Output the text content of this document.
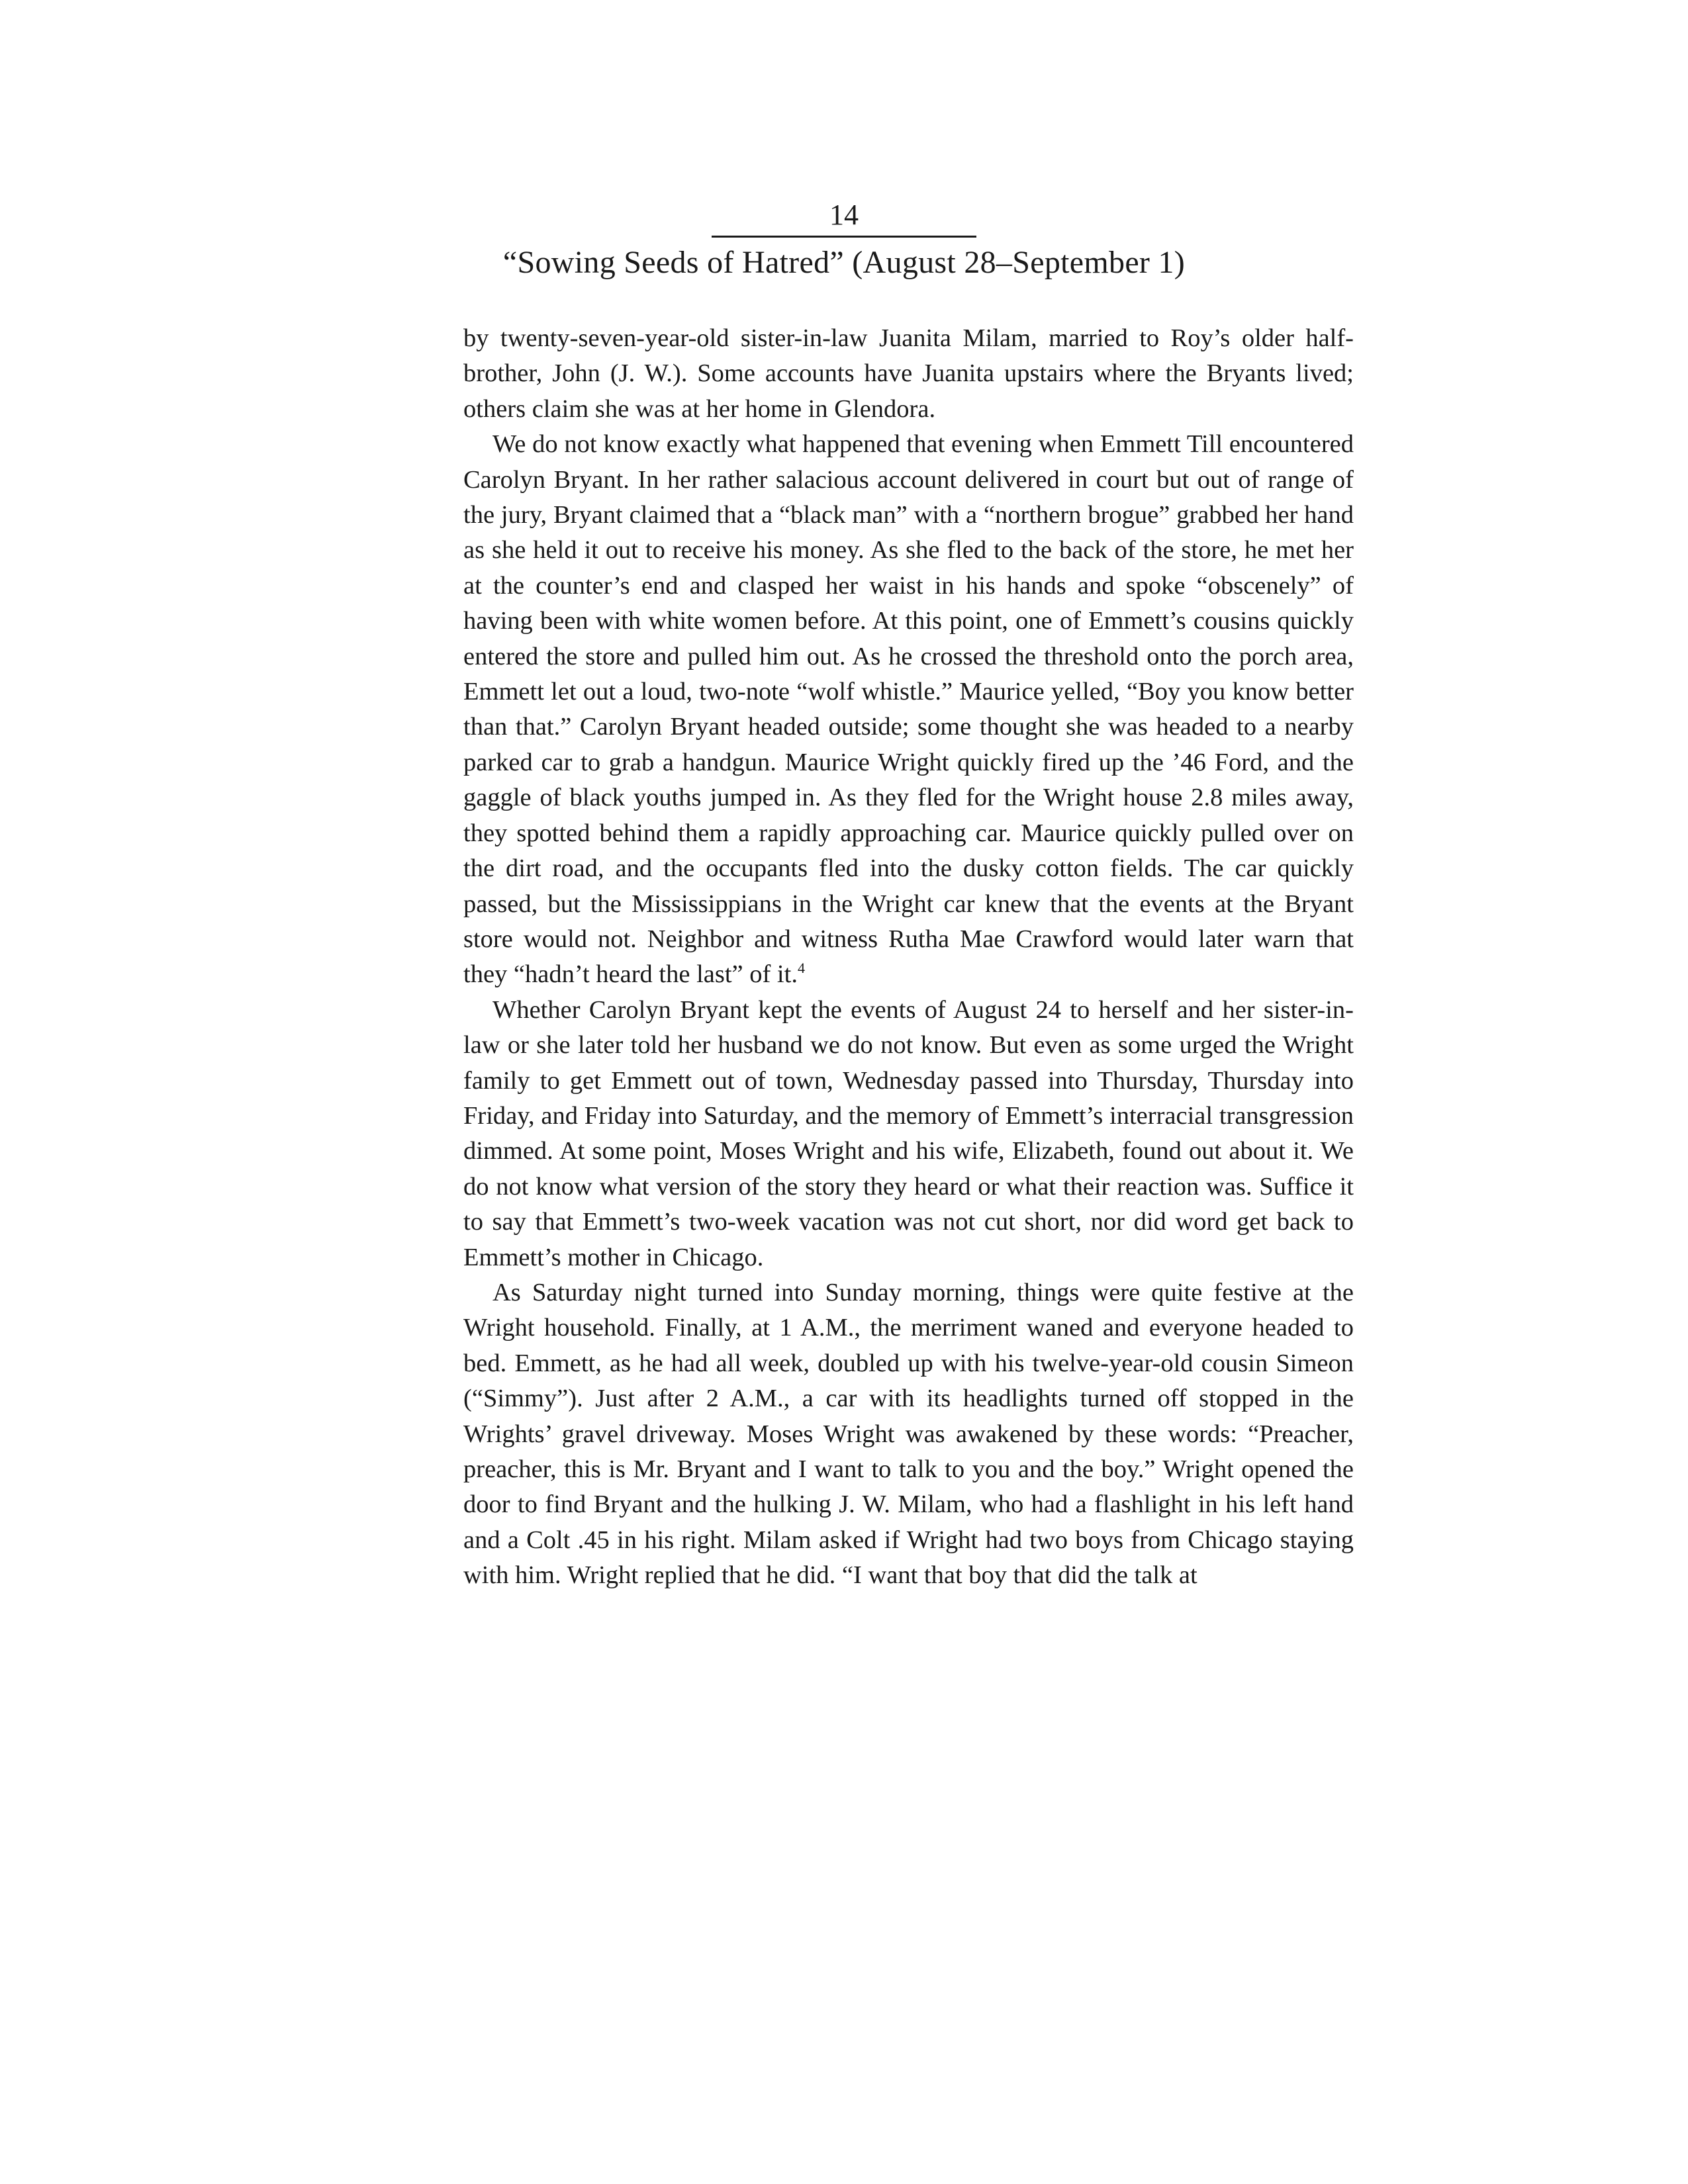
14
“Sowing Seeds of Hatred” (August 28–September 1)

by twenty-seven-year-old sister-in-law Juanita Milam, married to Roy’s older half-brother, John (J. W.). Some accounts have Juanita upstairs where the Bryants lived; others claim she was at her home in Glendora.

We do not know exactly what happened that evening when Emmett Till encountered Carolyn Bryant. In her rather salacious account delivered in court but out of range of the jury, Bryant claimed that a “black man” with a “northern brogue” grabbed her hand as she held it out to receive his money. As she fled to the back of the store, he met her at the counter’s end and clasped her waist in his hands and spoke “obscenely” of having been with white women before. At this point, one of Emmett’s cousins quickly entered the store and pulled him out. As he crossed the threshold onto the porch area, Emmett let out a loud, two-note “wolf whistle.” Maurice yelled, “Boy you know better than that.” Carolyn Bryant headed outside; some thought she was headed to a nearby parked car to grab a handgun. Maurice Wright quickly fired up the ’46 Ford, and the gaggle of black youths jumped in. As they fled for the Wright house 2.8 miles away, they spotted behind them a rapidly approaching car. Maurice quickly pulled over on the dirt road, and the occupants fled into the dusky cotton fields. The car quickly passed, but the Mississippians in the Wright car knew that the events at the Bryant store would not. Neighbor and witness Rutha Mae Crawford would later warn that they “hadn’t heard the last” of it.$^4$

Whether Carolyn Bryant kept the events of August 24 to herself and her sister-in-law or she later told her husband we do not know. But even as some urged the Wright family to get Emmett out of town, Wednesday passed into Thursday, Thursday into Friday, and Friday into Saturday, and the memory of Emmett’s interracial transgression dimmed. At some point, Moses Wright and his wife, Elizabeth, found out about it. We do not know what version of the story they heard or what their reaction was. Suffice it to say that Emmett’s two-week vacation was not cut short, nor did word get back to Emmett’s mother in Chicago.

As Saturday night turned into Sunday morning, things were quite festive at the Wright household. Finally, at 1 A.M., the merriment waned and everyone headed to bed. Emmett, as he had all week, doubled up with his twelve-year-old cousin Simeon (“Simmy”). Just after 2 A.M., a car with its headlights turned off stopped in the Wrights’ gravel driveway. Moses Wright was awakened by these words: “Preacher, preacher, this is Mr. Bryant and I want to talk to you and the boy.” Wright opened the door to find Bryant and the hulking J. W. Milam, who had a flashlight in his left hand and a Colt .45 in his right. Milam asked if Wright had two boys from Chicago staying with him. Wright replied that he did. “I want that boy that did the talk at
